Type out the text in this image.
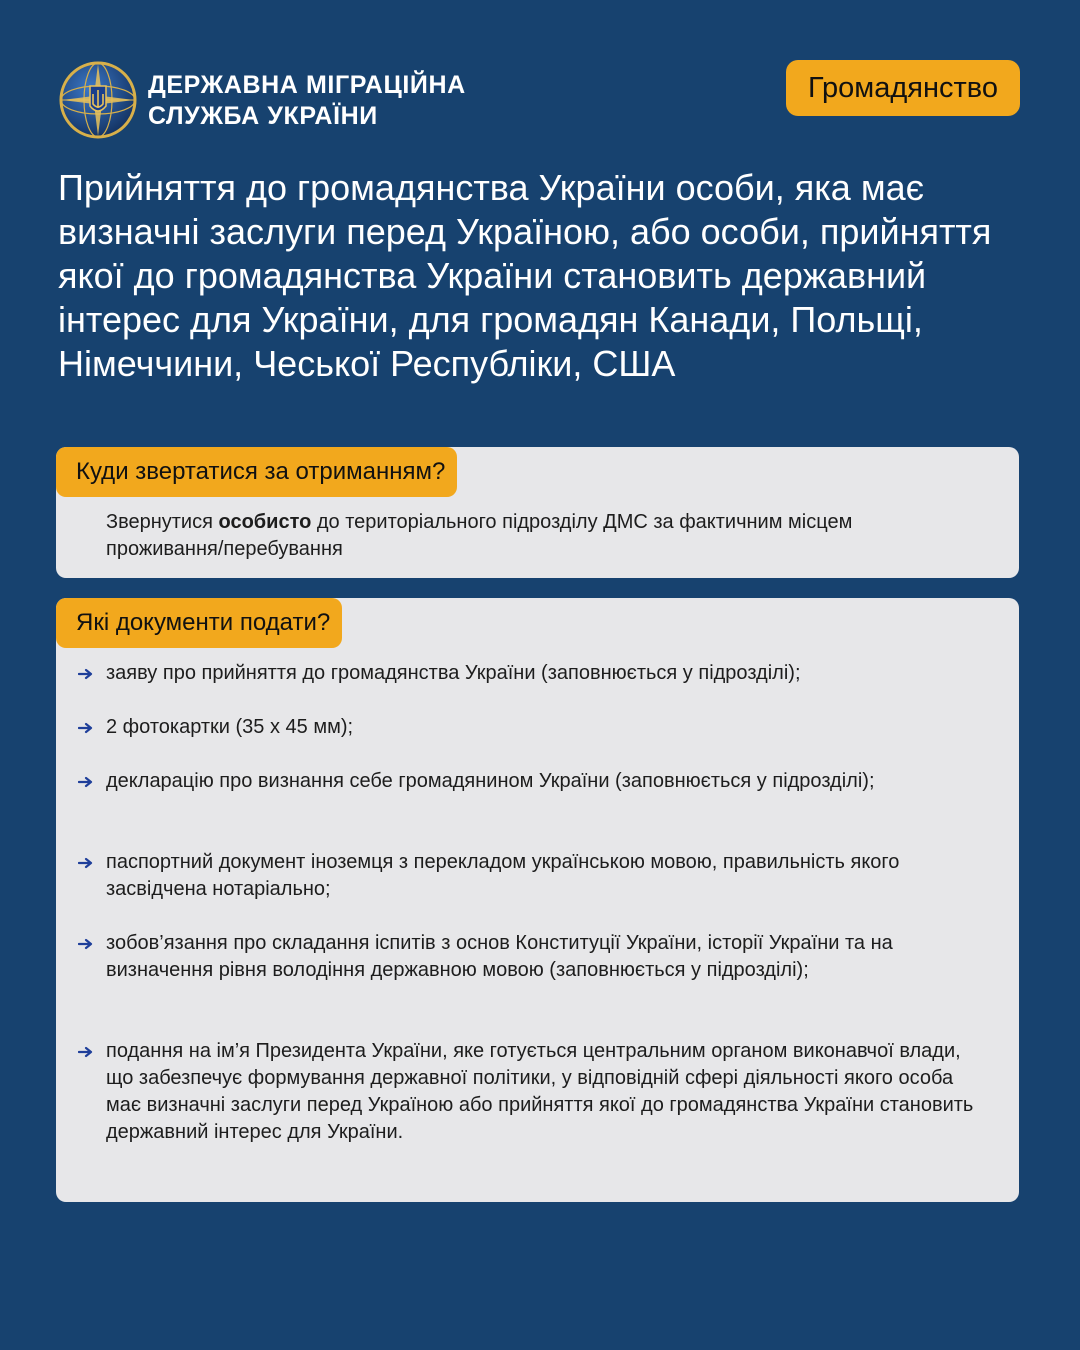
ДЕРЖАВНА МІГРАЦІЙНА
СЛУЖБА УКРАЇНИ
Громадянство
Прийняття до громадянства України особи, яка має визначні заслуги перед Україною, або особи, прийняття якої до громадянства України становить державний інтерес для України, для громадян Канади, Польщі, Німеччини, Чеської Республіки, США
Куди звертатися за отриманням?

Звернутися особисто до територіального підрозділу ДМС за фактичним місцем проживання/перебування

Які документи подати?
заяву про прийняття до громадянства України (заповнюється у підрозділі);
2 фотокартки (35 х 45 мм);
декларацію про визнання себе громадянином України (заповнюється у підрозділі);
паспортний документ іноземця з перекладом українською мовою, правильність якого засвідчена нотаріально;
зобов’язання про складання іспитів з основ Конституції України, історії України та на визначення рівня володіння державною мовою (заповнюється у підрозділі);
подання на ім’я Президента України, яке готується центральним органом виконавчої влади, що забезпечує формування державної політики, у відповідній сфері діяльності якого особа має визначні заслуги перед Україною або прийняття якої до громадянства України становить державний інтерес для України.
